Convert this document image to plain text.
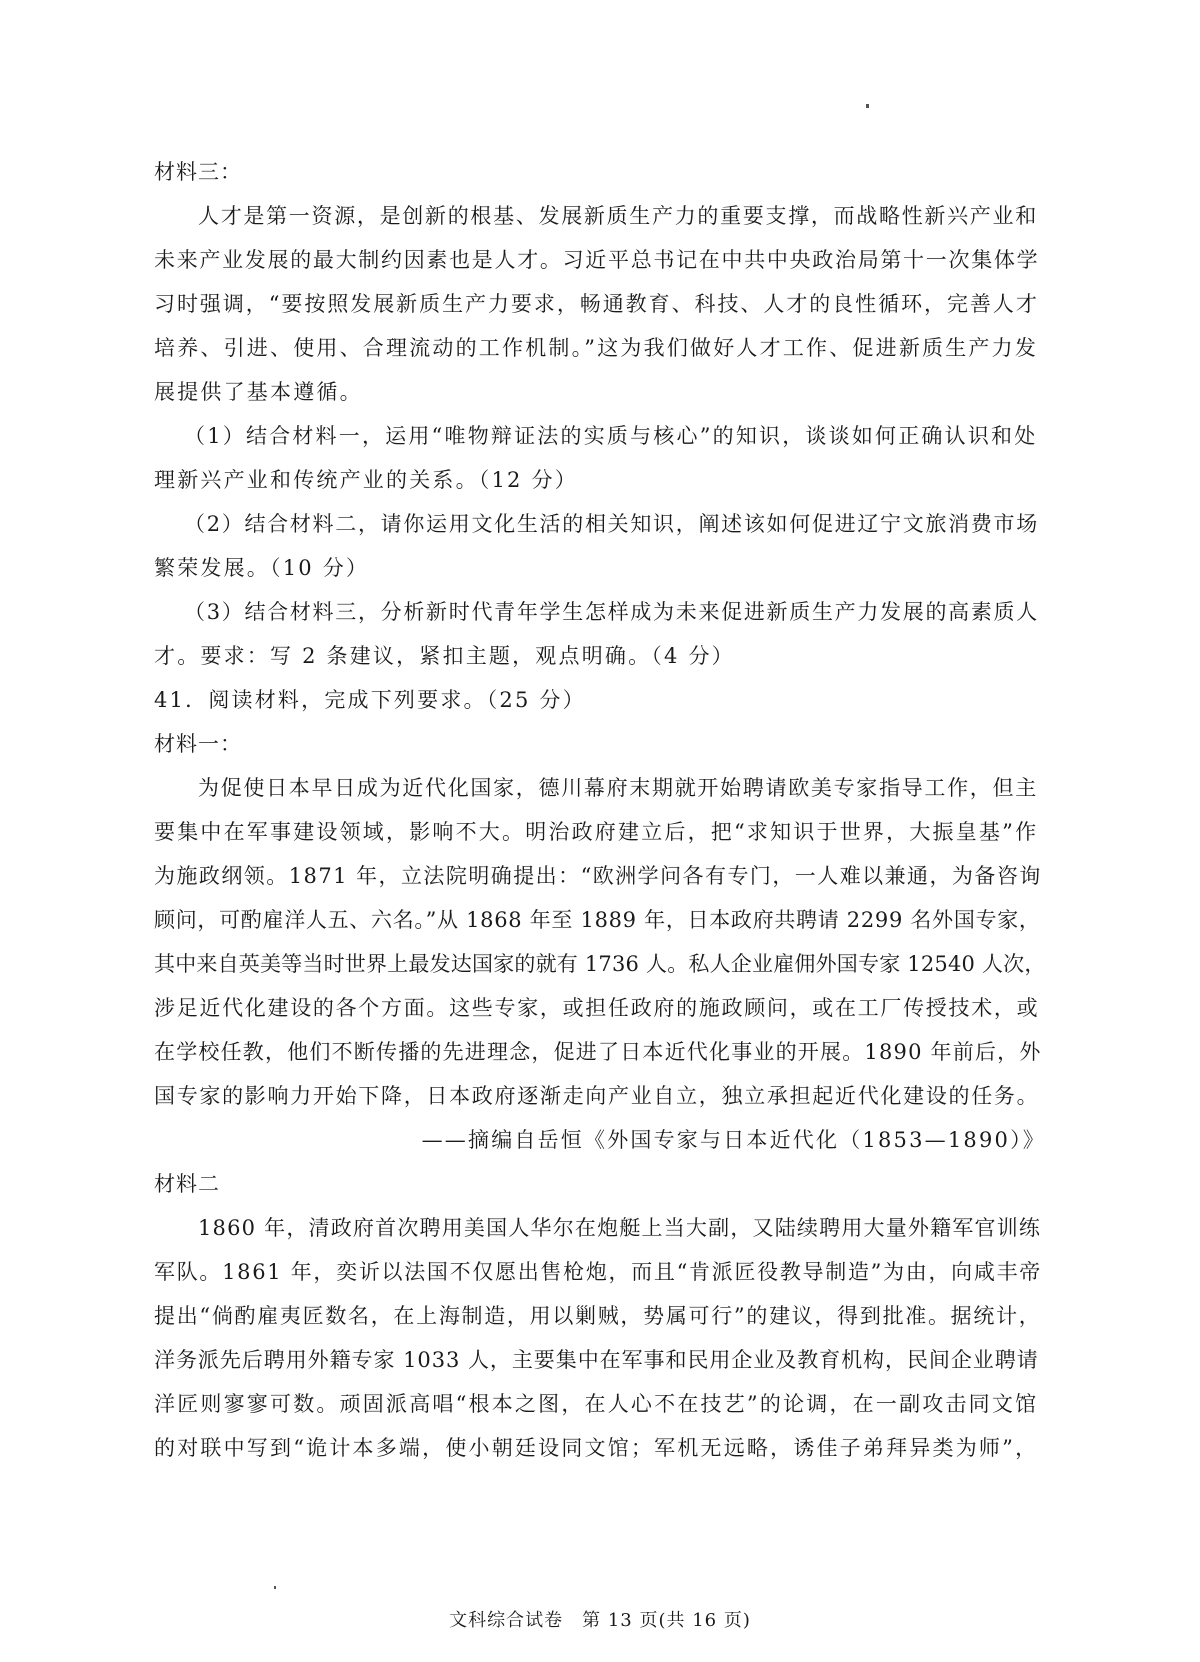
材料三：
人才是第一资源，是创新的根基、发展新质生产力的重要支撑，而战略性新兴产业和
未来产业发展的最大制约因素也是人才。习近平总书记在中共中央政治局第十一次集体学
习时强调，“要按照发展新质生产力要求，畅通教育、科技、人才的良性循环，完善人才
培养、引进、使用、合理流动的工作机制。”这为我们做好人才工作、促进新质生产力发
展提供了基本遵循。
（1）结合材料一，运用“唯物辩证法的实质与核心”的知识，谈谈如何正确认识和处
理新兴产业和传统产业的关系。（12 分）
（2）结合材料二，请你运用文化生活的相关知识，阐述该如何促进辽宁文旅消费市场
繁荣发展。（10 分）
（3）结合材料三，分析新时代青年学生怎样成为未来促进新质生产力发展的高素质人
才。要求：写 2 条建议，紧扣主题，观点明确。（4 分）
41．阅读材料，完成下列要求。（25 分）
材料一：
为促使日本早日成为近代化国家，德川幕府末期就开始聘请欧美专家指导工作，但主
要集中在军事建设领域，影响不大。明治政府建立后，把“求知识于世界，大振皇基”作
为施政纲领。1871 年，立法院明确提出：“欧洲学问各有专门，一人难以兼通，为备咨询
顾问，可酌雇洋人五、六名。”从 1868 年至 1889 年，日本政府共聘请 2299 名外国专家，
其中来自英美等当时世界上最发达国家的就有 1736 人。私人企业雇佣外国专家 12540 人次，
涉足近代化建设的各个方面。这些专家，或担任政府的施政顾问，或在工厂传授技术，或
在学校任教，他们不断传播的先进理念，促进了日本近代化事业的开展。1890 年前后，外
国专家的影响力开始下降，日本政府逐渐走向产业自立，独立承担起近代化建设的任务。
——摘编自岳恒《外国专家与日本近代化（1853—1890）》
材料二
1860 年，清政府首次聘用美国人华尔在炮艇上当大副，又陆续聘用大量外籍军官训练
军队。1861 年，奕䜣以法国不仅愿出售枪炮，而且“肯派匠役教导制造”为由，向咸丰帝
提出“倘酌雇夷匠数名，在上海制造，用以剿贼，势属可行”的建议，得到批准。据统计，
洋务派先后聘用外籍专家 1033 人，主要集中在军事和民用企业及教育机构，民间企业聘请
洋匠则寥寥可数。顽固派高唱“根本之图，在人心不在技艺”的论调，在一副攻击同文馆
的对联中写到“诡计本多端，使小朝廷设同文馆；军机无远略，诱佳子弟拜异类为师”，
文科综合试卷　第 13 页(共 16 页)
